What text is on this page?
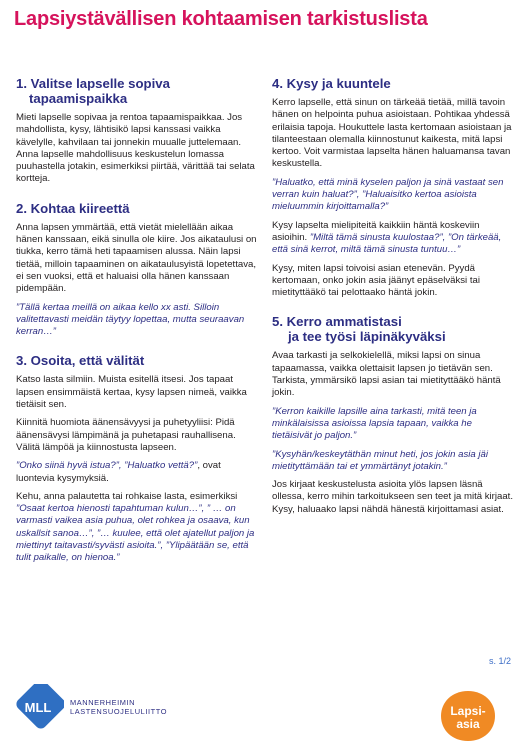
Lapsiystävällisen kohtaamisen tarkistuslista
1. Valitse lapselle sopiva
tapaamispaikka

Mieti lapselle sopivaa ja rentoa tapaamispaikkaa. Jos mahdollista, kysy, lähtisikö lapsi kanssasi vaikka kävelylle, kahvilaan tai jonnekin muualle juttelemaan. Anna lapselle mahdollisuus keskustelun lomassa puuhastella jotakin, esimerkiksi piirtää, värittää tai selata kortteja.

2. Kohtaa kiireettä

Anna lapsen ymmärtää, että vietät mielellään aikaa hänen kanssaan, eikä sinulla ole kiire. Jos aikataulusi on tiukka, kerro tämä heti tapaamisen alussa. Näin lapsi tietää, milloin tapaaminen on aikataulusyistä lopetettava, ei sen vuoksi, että et haluaisi olla hänen kanssaan pidempään.

”Tällä kertaa meillä on aikaa kello xx asti. Silloin valitettavasti meidän täytyy lopettaa, mutta seuraavan kerran…”

3. Osoita, että välität

Katso lasta silmiin. Muista esitellä itsesi. Jos tapaat lapsen ensimmäistä kertaa, kysy lapsen nimeä, vaikka tietäisit sen.

Kiinnitä huomiota äänensävyysi ja puhetyyliisi: Pidä äänensävysi lämpimänä ja puhetapasi rauhallisena. Välitä lämpöä ja kiinnostusta lapseen.

”Onko siinä hyvä istua?”, ”Haluatko vettä?”, ovat luontevia kysymyksiä.

Kehu, anna palautetta tai rohkaise lasta, esimerkiksi ”Osaat kertoa hienosti tapahtuman kulun…”, ” … on varmasti vaikea asia puhua, olet rohkea ja osaava, kun uskallsit sanoa…”, ”… kuulee, että olet ajatellut paljon ja miettinyt taitavasti/syvästi asioita.”, ”Ylipäätään se, että tulit paikalle, on hienoa.”

4. Kysy ja kuuntele

Kerro lapselle, että sinun on tärkeää tietää, millä tavoin hänen on helpointa puhua asioistaan. Pohtikaa yhdessä erilaisia tapoja. Houkuttele lasta kertomaan asioistaan ja tilanteestaan olemalla kiinnostunut kaikesta, mitä lapsi kertoo. Voit varmistaa lapselta hänen haluamansa tavan keskustella.

”Haluatko, että minä kyselen paljon ja sinä vastaat sen verran kuin haluat?”, ”Haluaisitko kertoa asioista mieluummin kirjoittamalla?”

Kysy lapselta mielipiteitä kaikkiin häntä koskeviin asioihin. ”Miltä tämä sinusta kuulostaa?”, ”On tärkeää, että sinä kerrot, miltä tämä sinusta tuntuu…”

Kysy, miten lapsi toivoisi asian etenevän. Pyydä kertomaan, onko jokin asia jäänyt epäselväksi tai mietityttääkö tai pelottaako häntä jokin.

5. Kerro ammatistasi
ja tee työsi läpinäkyväksi

Avaa tarkasti ja selkokielellä, miksi lapsi on sinua tapaamassa, vaikka olettaisit lapsen jo tietävän sen. Tarkista, ymmärsikö lapsi asian tai mietityttääkö häntä jokin.

”Kerron kaikille lapsille aina tarkasti, mitä teen ja minkälaisissa asioissa lapsia tapaan, vaikka he tietäisivät jo paljon.”

”Kysyhän/keskeytäthän minut heti, jos jokin asia jäi mietityttämään tai et ymmärtänyt jotakin.”

Jos kirjaat keskustelusta asioita ylös lapsen läsnä ollessa, kerro mihin tarkoitukseen sen teet ja mitä kirjaat. Kysy, haluaako lapsi nähdä hänestä kirjoittamasi asiat.

s. 1/2
MLL	MANNERHEIMIN
LASTENSUOJELULIITTO	Lapsi-
asia
